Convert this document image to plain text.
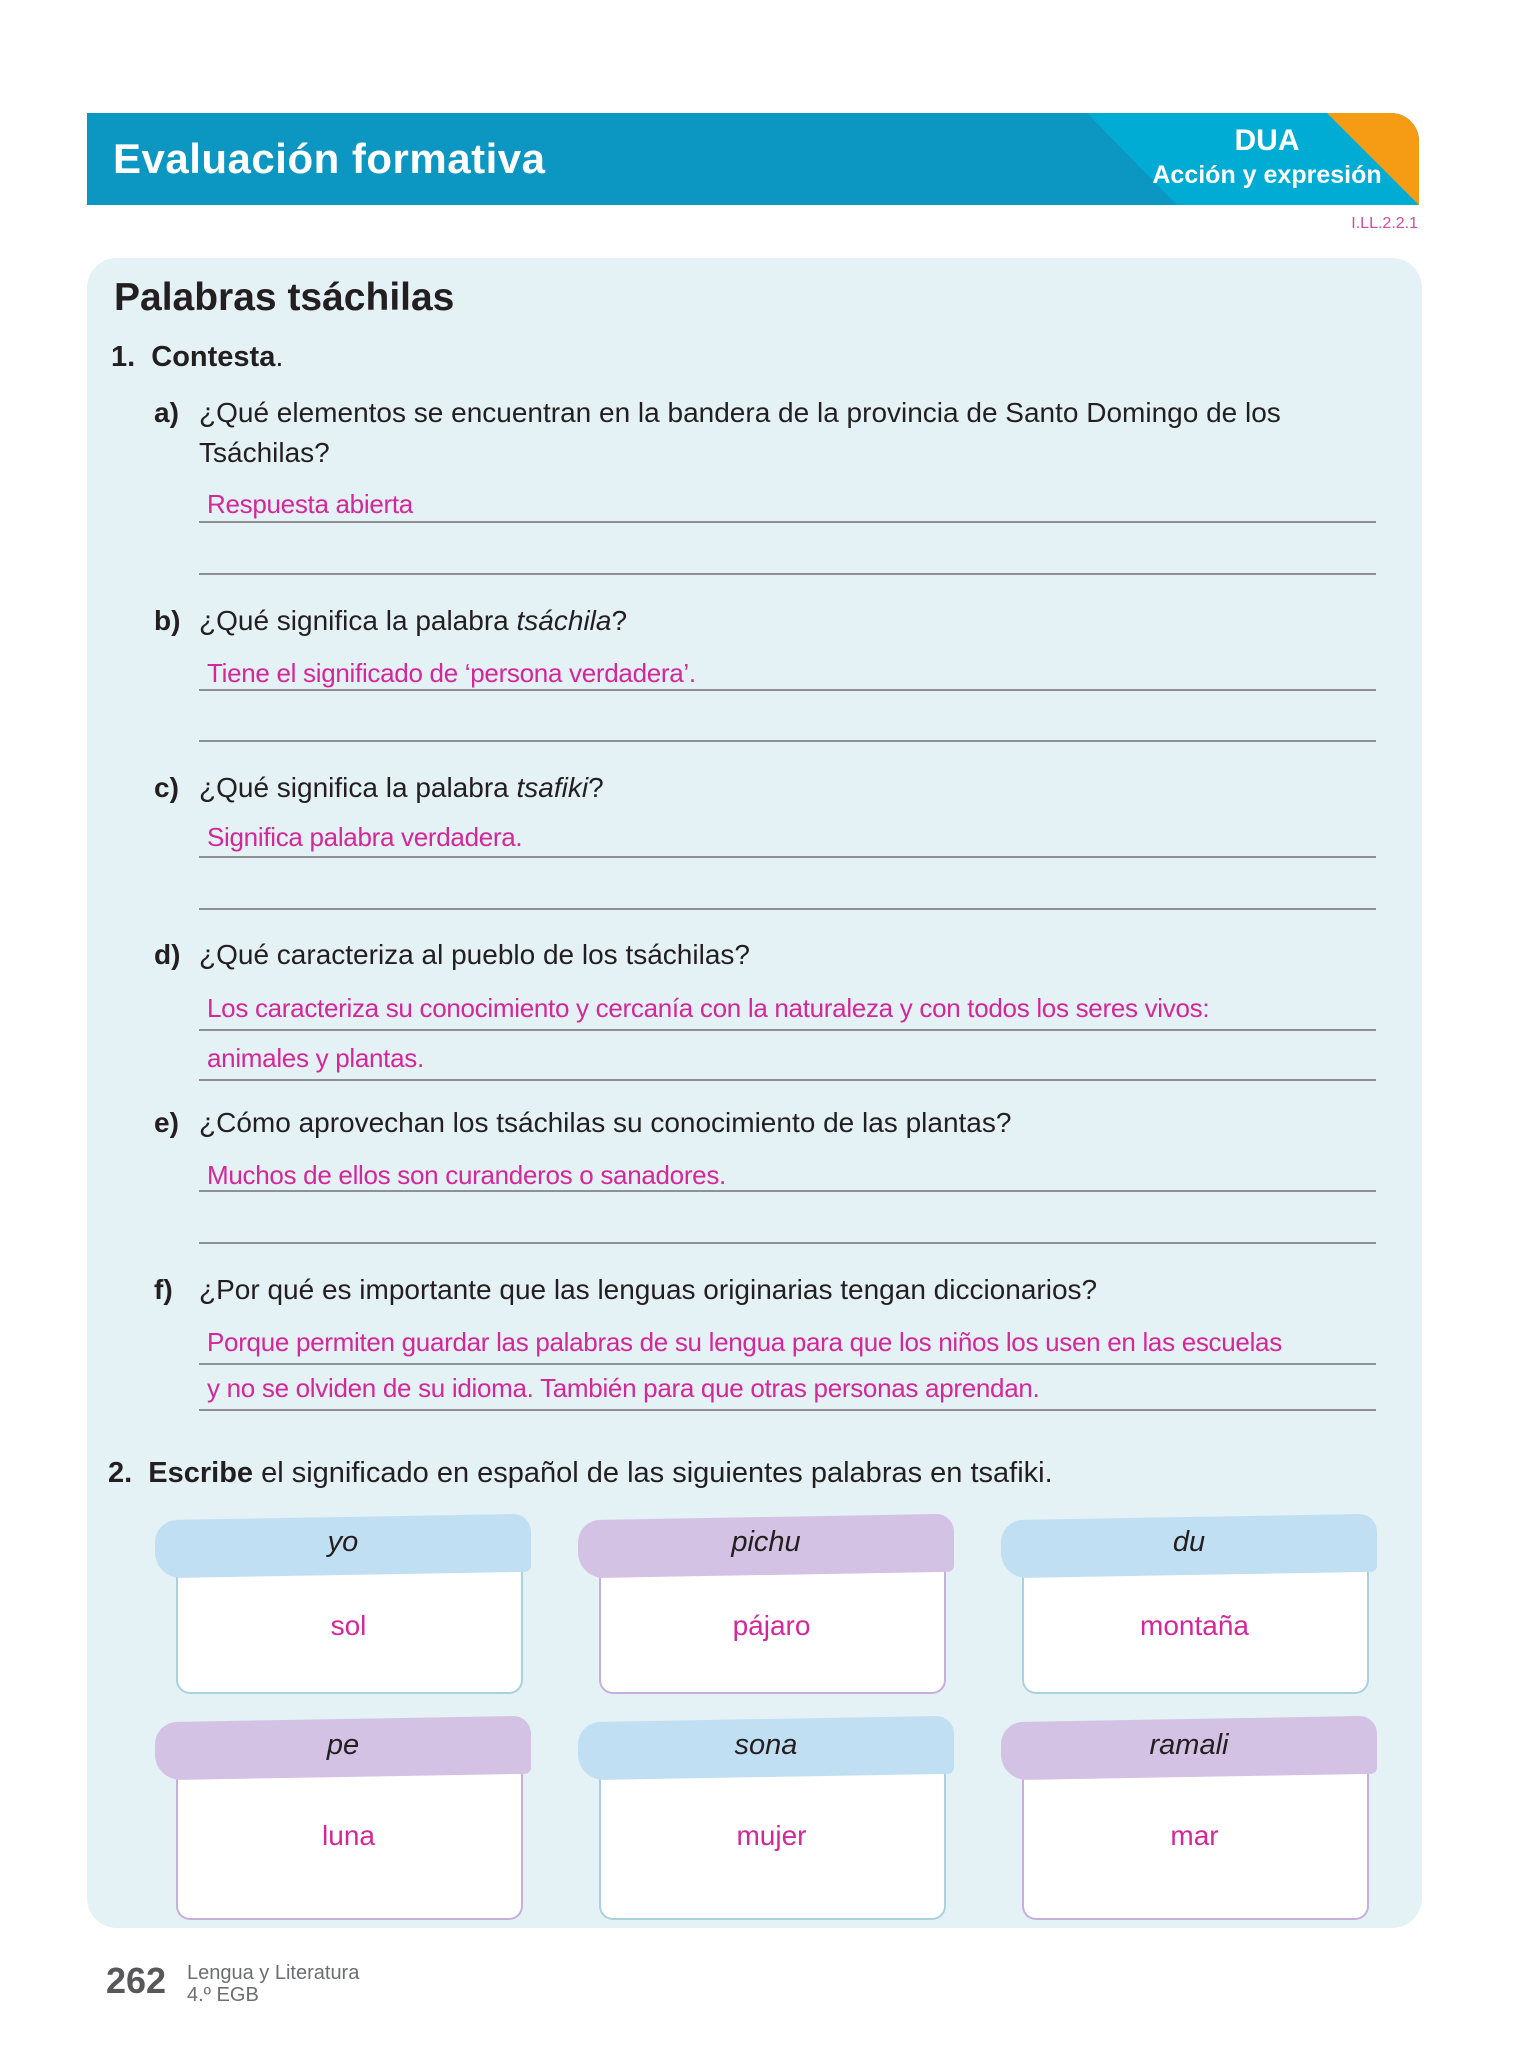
Evaluación formativa	DUA
Acción y expresión
I.LL.2.2.1
Palabras tsáchilas
1. Contesta.
a) ¿Qué elementos se encuentran en la bandera de la provincia de Santo Domingo de los
Tsáchilas?
Respuesta abierta
b) ¿Qué significa la palabra tsáchila?
Tiene el significado de ‘persona verdadera’.
c) ¿Qué significa la palabra tsafiki?
Significa palabra verdadera.
d) ¿Qué caracteriza al pueblo de los tsáchilas?
Los caracteriza su conocimiento y cercanía con la naturaleza y con todos los seres vivos:
animales y plantas.
e) ¿Cómo aprovechan los tsáchilas su conocimiento de las plantas?
Muchos de ellos son curanderos o sanadores.
f) ¿Por qué es importante que las lenguas originarias tengan diccionarios?
Porque permiten guardar las palabras de su lengua para que los niños los usen en las escuelas
y no se olviden de su idioma. También para que otras personas aprendan.
2. Escribe el significado en español de las siguientes palabras en tsafiki.
yo
sol
pichu
pájaro
du
montaña
pe
luna
sona
mujer
ramali
mar
262 Lengua y Literatura
4.º EGB
